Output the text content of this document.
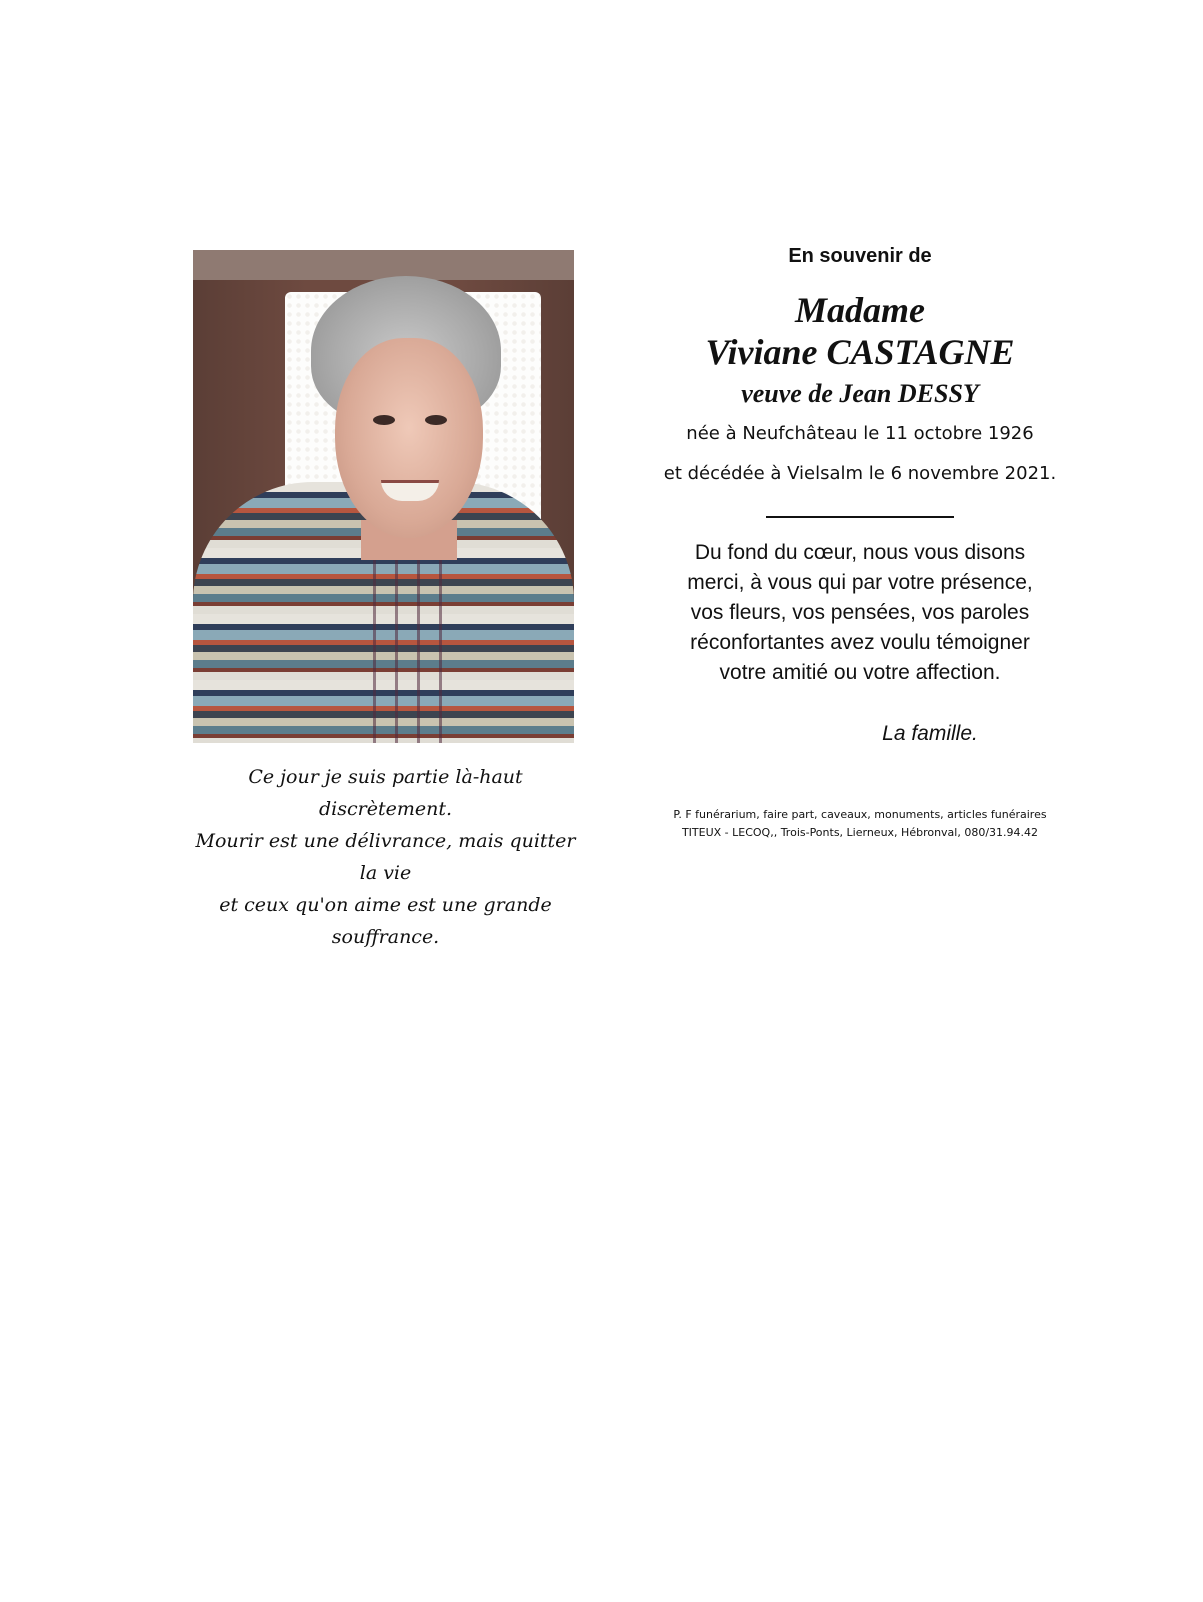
Ce jour je suis partie là-haut discrètement.

Mourir est une délivrance, mais quitter la vie

et ceux qu'on aime est une grande souffrance.

En souvenir de
Madame
Viviane CASTAGNE
veuve de Jean DESSY
née à Neufchâteau le 11 octobre 1926
et décédée à Vielsalm le 6 novembre 2021.
Du fond du cœur, nous vous disons
merci, à vous qui par votre présence,
vos fleurs, vos pensées, vos paroles
réconfortantes avez voulu témoigner
votre amitié ou votre affection.
La famille.
P. F funérarium, faire part, caveaux, monuments, articles funéraires
TITEUX - LECOQ,, Trois-Ponts, Lierneux, Hébronval, 080/31.94.42
